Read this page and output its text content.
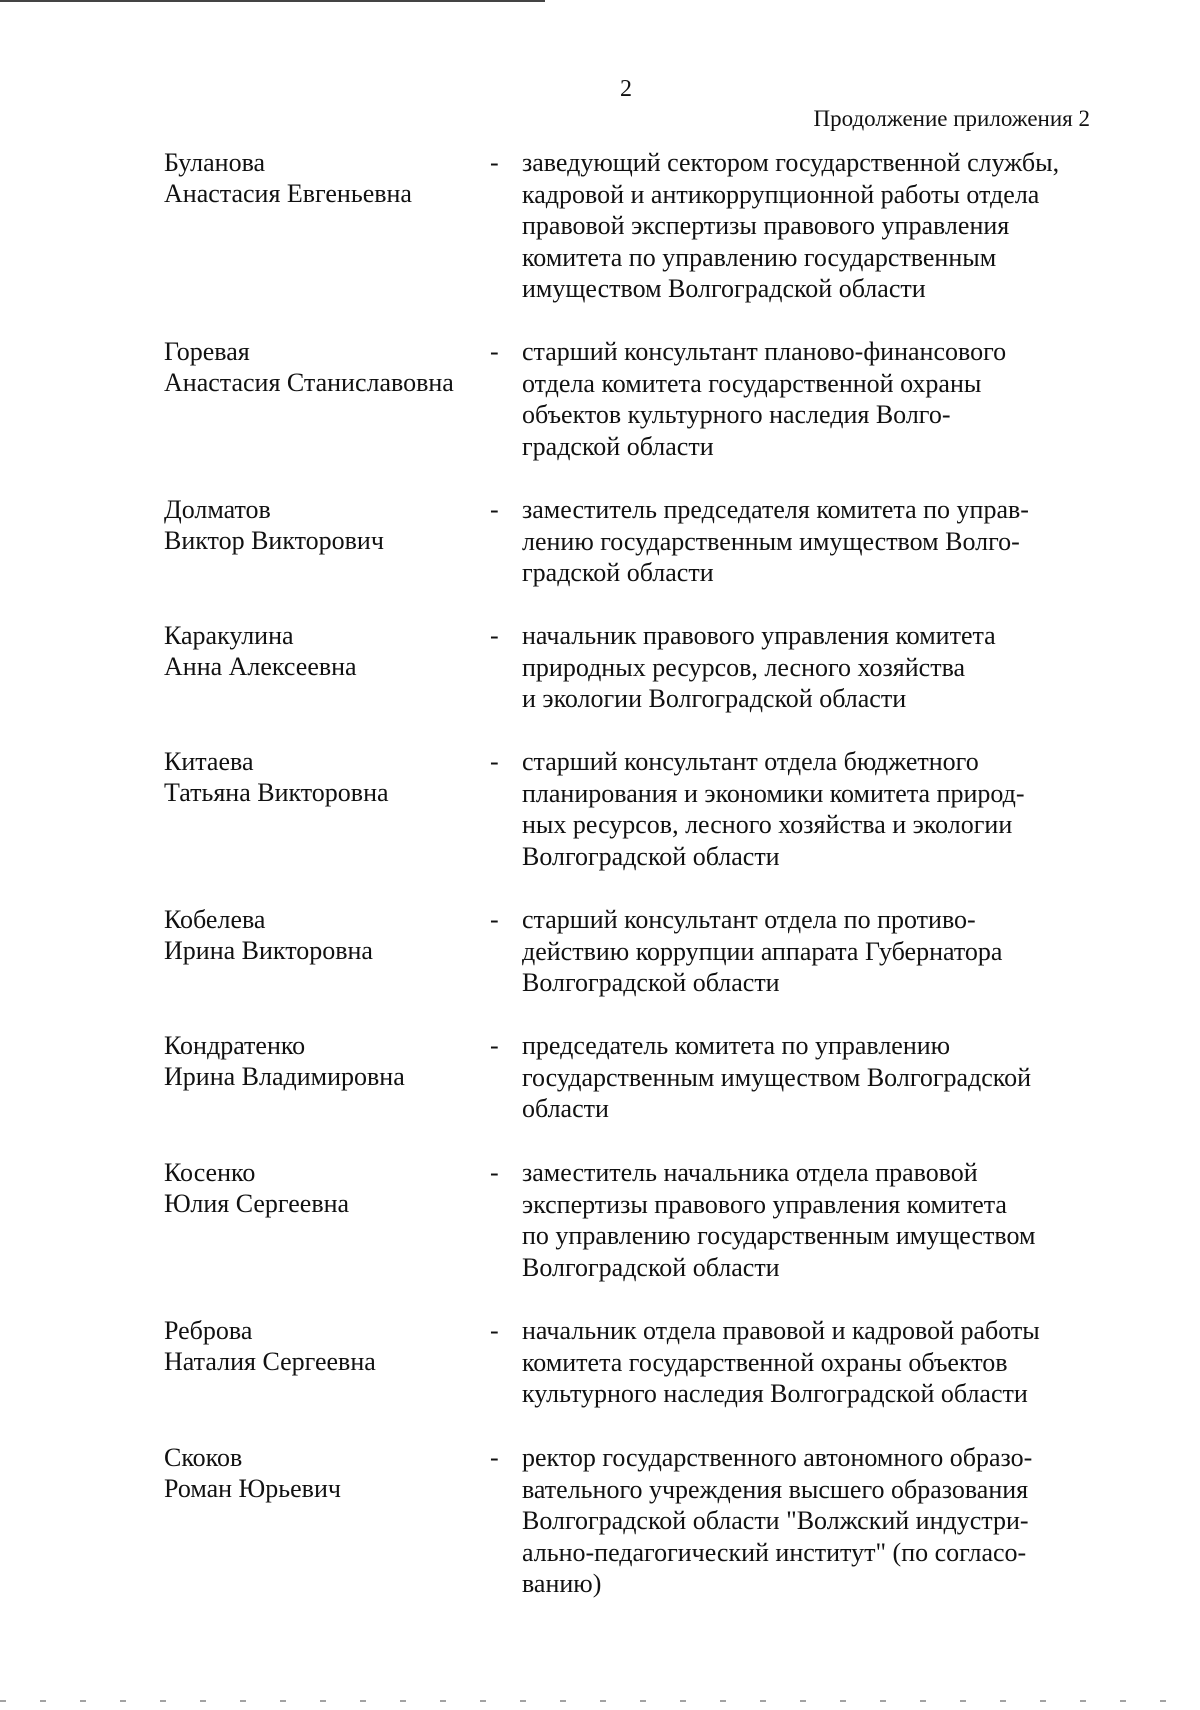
2
Продолжение приложения 2
Буланова
Анастасия Евгеньевна
- заведующий сектором государственной службы,
кадровой и антикоррупционной работы отдела
правовой экспертизы правового управления
комитета по управлению государственным
имуществом Волгоградской области
Горевая
Анастасия Станиславовна
- старший консультант планово-финансового
отдела комитета государственной охраны
объектов культурного наследия Волго-
градской области
Долматов
Виктор Викторович
- заместитель председателя комитета по управ-
лению государственным имуществом Волго-
градской области
Каракулина
Анна Алексеевна
- начальник правового управления комитета
природных ресурсов, лесного хозяйства
и экологии Волгоградской области
Китаева
Татьяна Викторовна
- старший консультант отдела бюджетного
планирования и экономики комитета природ-
ных ресурсов, лесного хозяйства и экологии
Волгоградской области
Кобелева
Ирина Викторовна
- старший консультант отдела по противо-
действию коррупции аппарата Губернатора
Волгоградской области
Кондратенко
Ирина Владимировна
- председатель комитета по управлению
государственным имуществом Волгоградской
области
Косенко
Юлия Сергеевна
- заместитель начальника отдела правовой
экспертизы правового управления комитета
по управлению государственным имуществом
Волгоградской области
Реброва
Наталия Сергеевна
- начальник отдела правовой и кадровой работы
комитета государственной охраны объектов
культурного наследия Волгоградской области
Скоков
Роман Юрьевич
- ректор государственного автономного образо-
вательного учреждения высшего образования
Волгоградской области "Волжский индустри-
ально-педагогический институт" (по согласо-
ванию)
